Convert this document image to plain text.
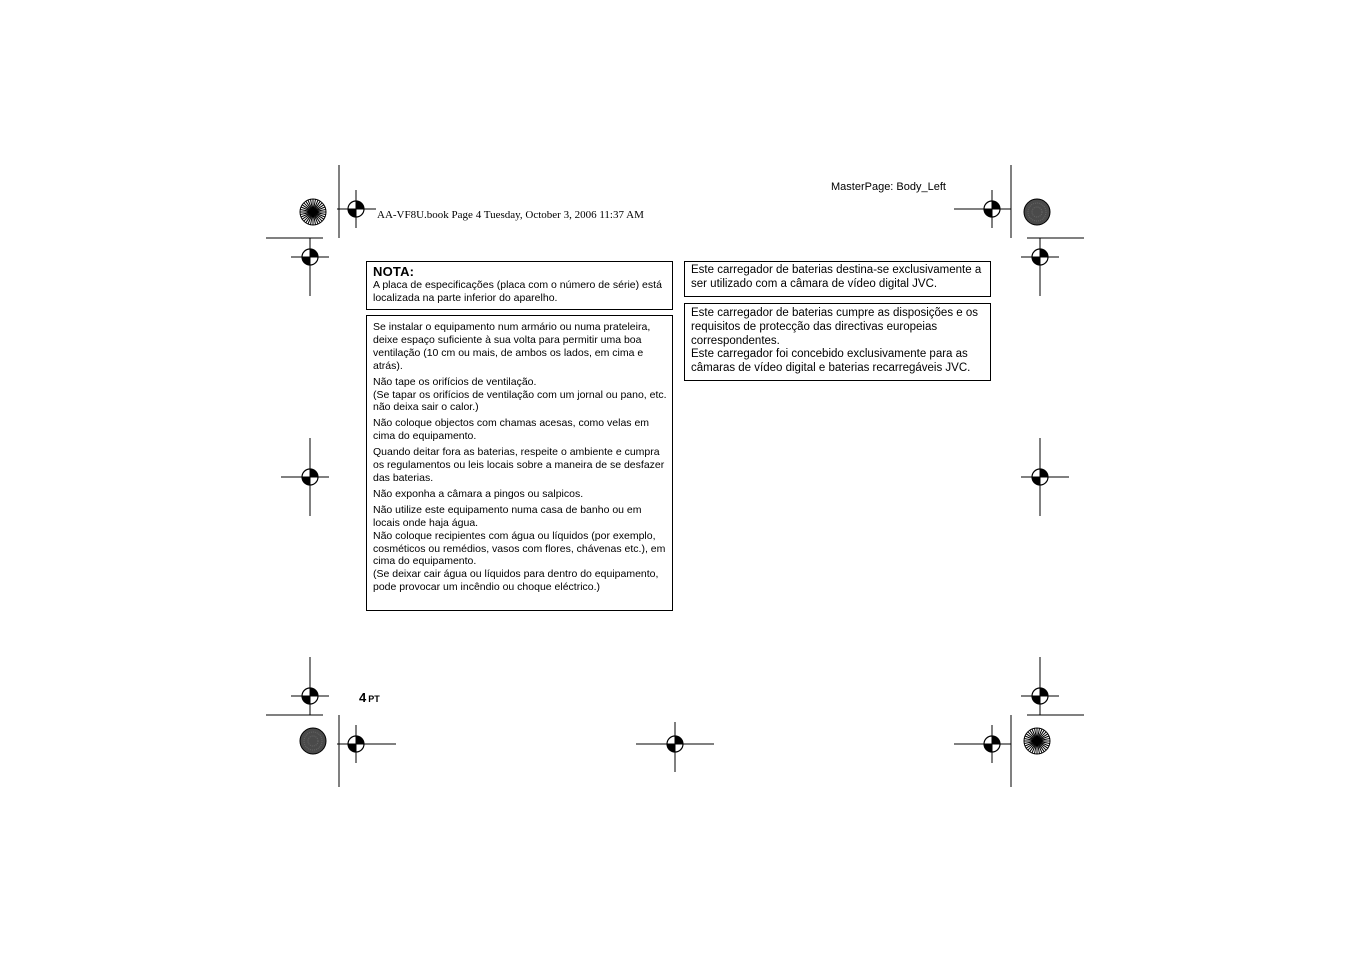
MasterPage: Body_Left
AA-VF8U.book Page 4 Tuesday, October 3, 2006 11:37 AM
NOTA:
A placa de especificações (placa com o número de série) está localizada na parte inferior do aparelho.

Se instalar o equipamento num armário ou numa prateleira, deixe espaço suficiente à sua volta para permitir uma boa ventilação (10 cm ou mais, de ambos os lados, em cima e atrás).

Não tape os orifícios de ventilação.
(Se tapar os orifícios de ventilação com um jornal ou pano, etc. não deixa sair o calor.)

Não coloque objectos com chamas acesas, como velas em cima do equipamento.

Quando deitar fora as baterias, respeite o ambiente e cumpra os regulamentos ou leis locais sobre a maneira de se desfazer das baterias.

Não exponha a câmara a pingos ou salpicos.

Não utilize este equipamento numa casa de banho ou em locais onde haja água.
Não coloque recipientes com água ou líquidos (por exemplo, cosméticos ou remédios, vasos com flores, chávenas etc.), em cima do equipamento.
(Se deixar cair água ou líquidos para dentro do equipamento, pode provocar um incêndio ou choque eléctrico.)

Este carregador de baterias destina-se exclusivamente a ser utilizado com a câmara de vídeo digital JVC.

Este carregador de baterias cumpre as disposições e os requisitos de protecção das directivas europeias correspondentes.
Este carregador foi concebido exclusivamente para as câmaras de vídeo digital e baterias recarregáveis JVC.

4 PT
